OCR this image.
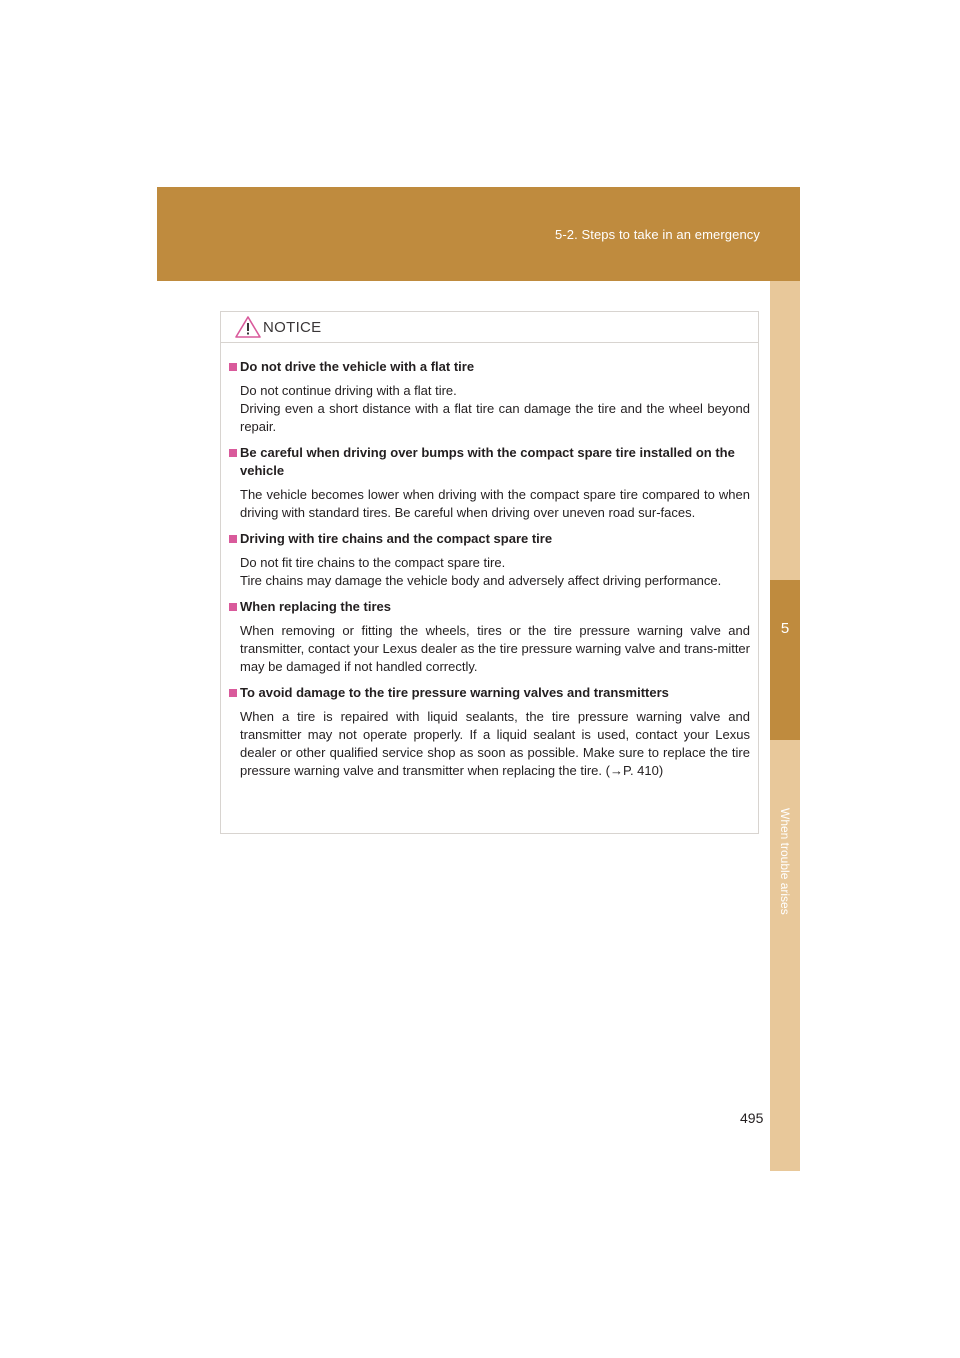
5-2. Steps to take in an emergency
5
When trouble arises
NOTICE
Do not drive the vehicle with a flat tire

Do not continue driving with a flat tire.

Driving even a short distance with a flat tire can damage the tire and the wheel beyond repair.

Be careful when driving over bumps with the compact spare tire installed on the vehicle

The vehicle becomes lower when driving with the compact spare tire compared to when driving with standard tires. Be careful when driving over uneven road sur-faces.

Driving with tire chains and the compact spare tire

Do not fit tire chains to the compact spare tire.

Tire chains may damage the vehicle body and adversely affect driving performance.

When replacing the tires

When removing or fitting the wheels, tires or the tire pressure warning valve and transmitter, contact your Lexus dealer as the tire pressure warning valve and trans-mitter may be damaged if not handled correctly.

To avoid damage to the tire pressure warning valves and transmitters

When a tire is repaired with liquid sealants, the tire pressure warning valve and transmitter may not operate properly. If a liquid sealant is used, contact your Lexus dealer or other qualified service shop as soon as possible. Make sure to replace the tire pressure warning valve and transmitter when replacing the tire. (→P. 410)

495
